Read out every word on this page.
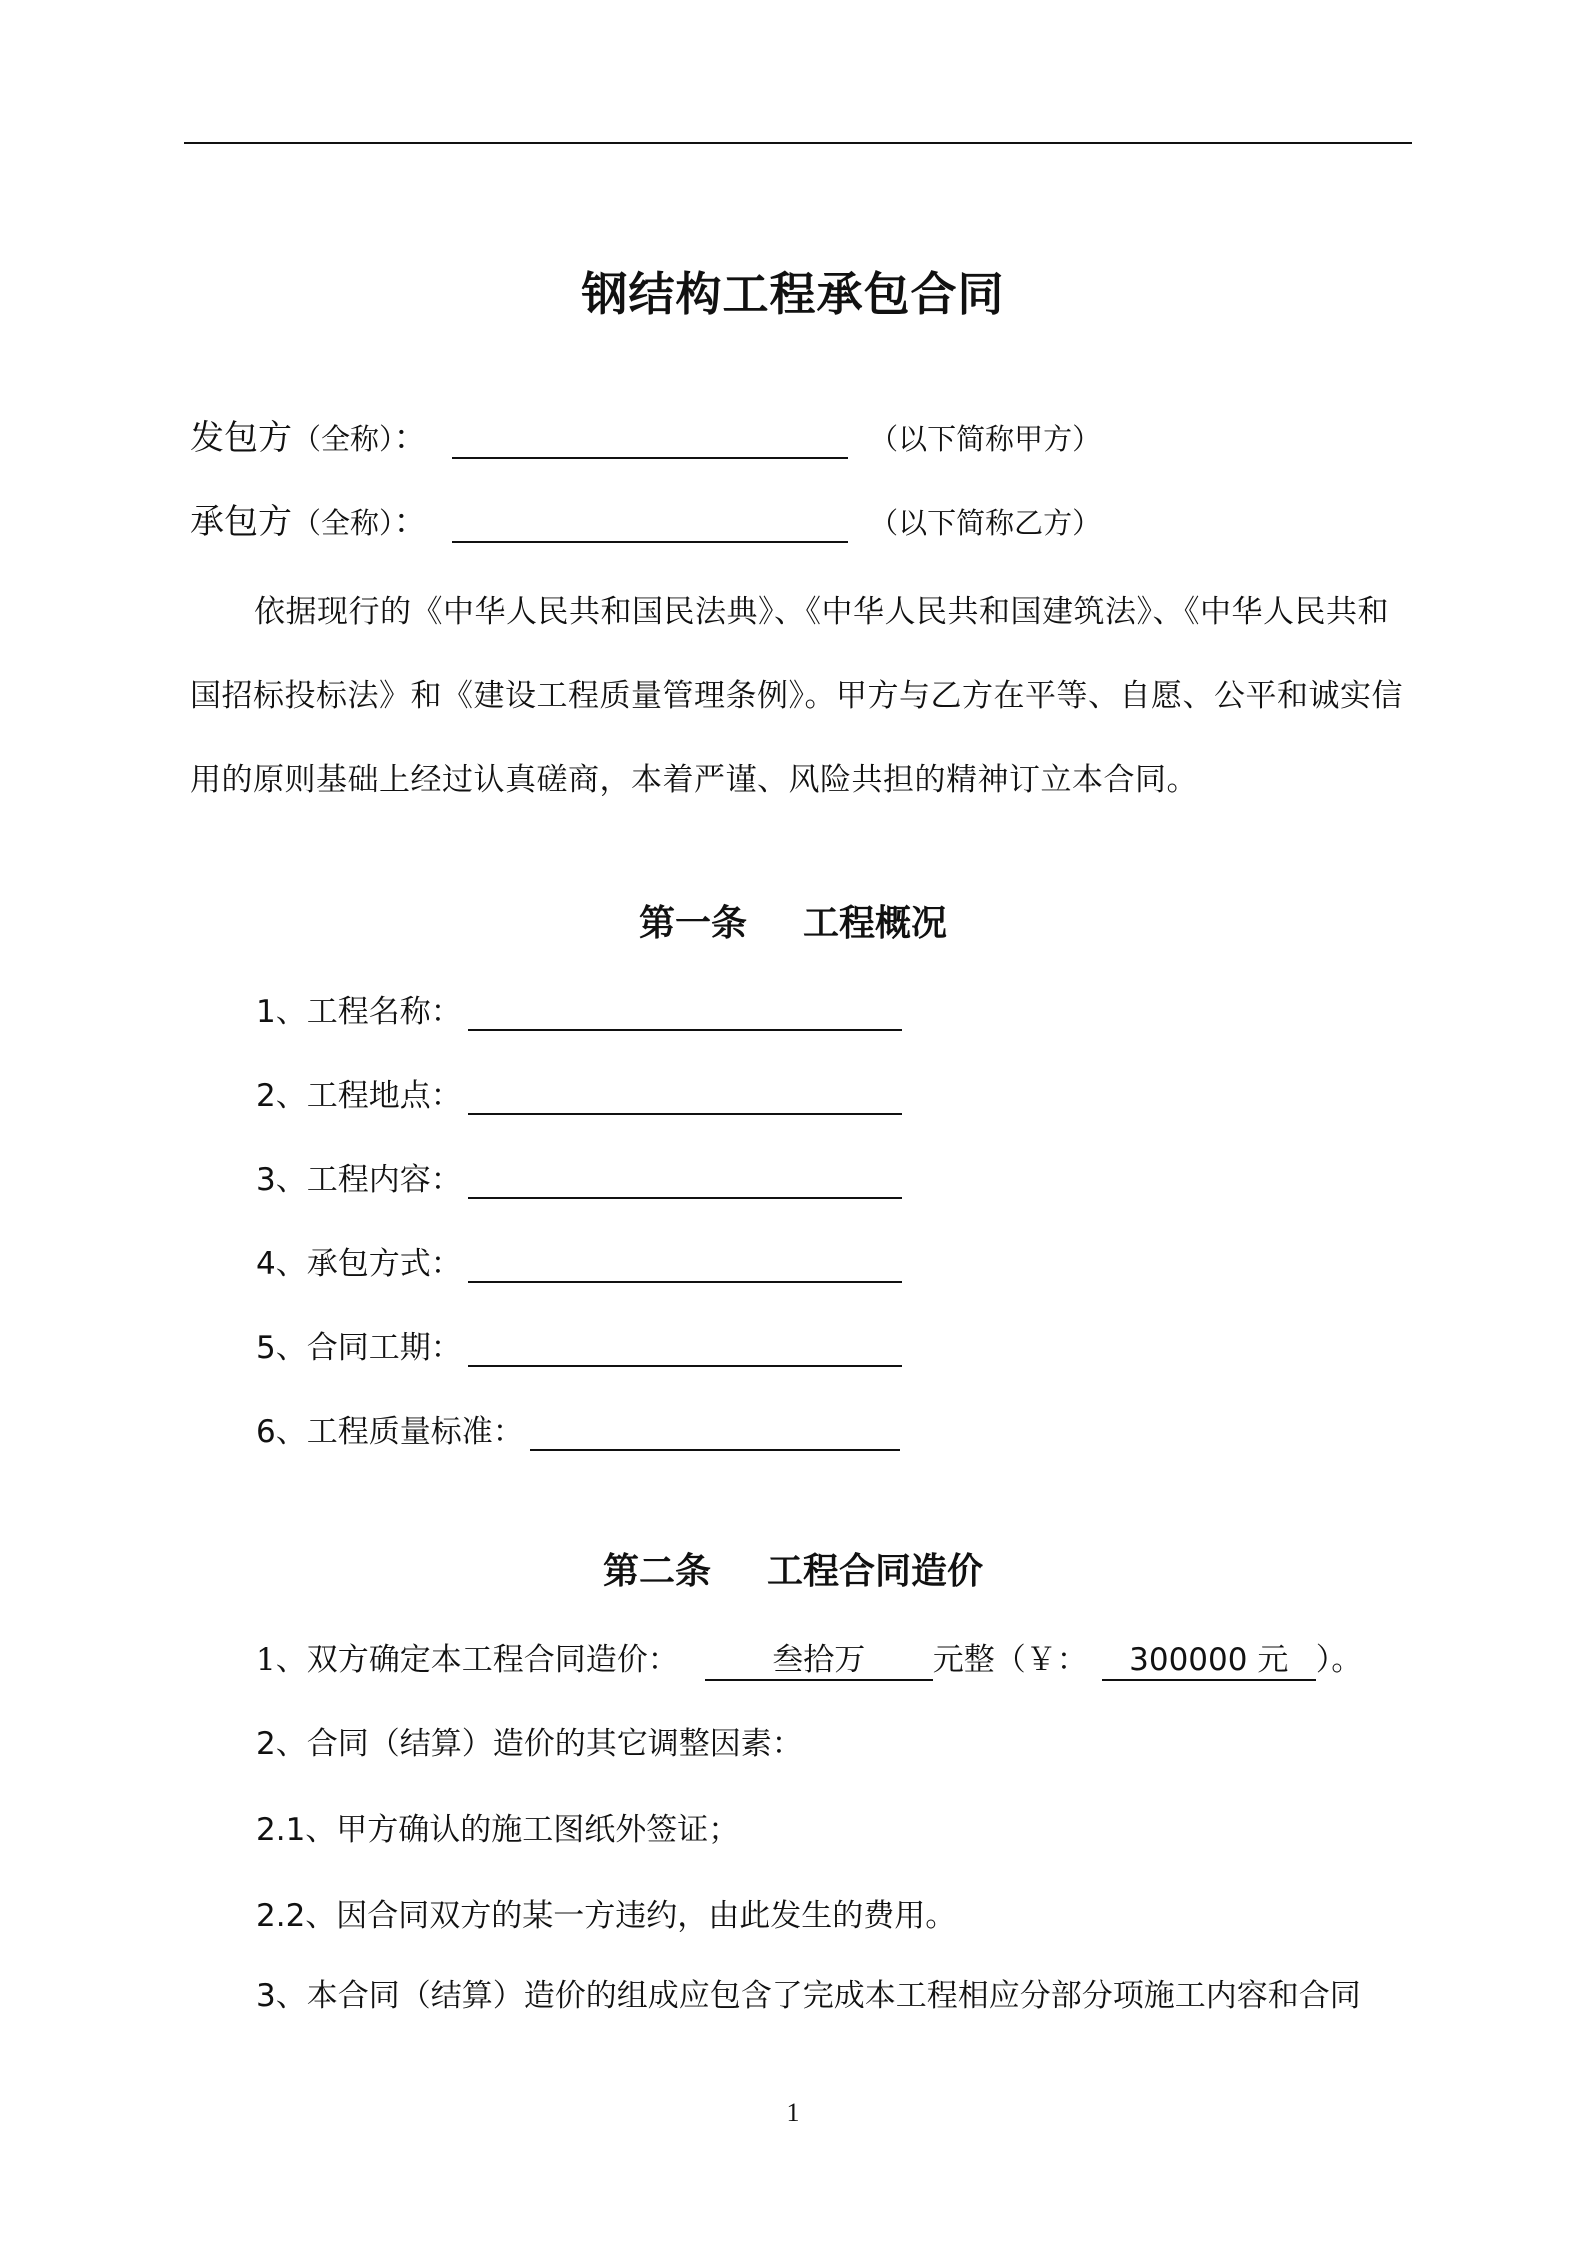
钢结构工程承包合同
发包方（全称）：	（以下简称甲方）
承包方（全称）：	（以下简称乙方）
依据现行的《中华人民共和国民法典》、《中华人民共和国建筑法》、《中华人民共和国招标投标法》和《建设工程质量管理条例》。甲方与乙方在平等、自愿、公平和诚实信用的原则基础上经过认真磋商，本着严谨、风险共担的精神订立本合同。
第一条 工程概况
1、工程名称：
2、工程地点：
3、工程内容：
4、承包方式：
5、合同工期：
6、工程质量标准：
第二条 工程合同造价
1、双方确定本工程合同造价：	叁拾万 元整（￥： 300000 元 ）。
2、合同（结算）造价的其它调整因素：
2.1、甲方确认的施工图纸外签证；
2.2、因合同双方的某一方违约，由此发生的费用。
3、本合同（结算）造价的组成应包含了完成本工程相应分部分项施工内容和合同
1
